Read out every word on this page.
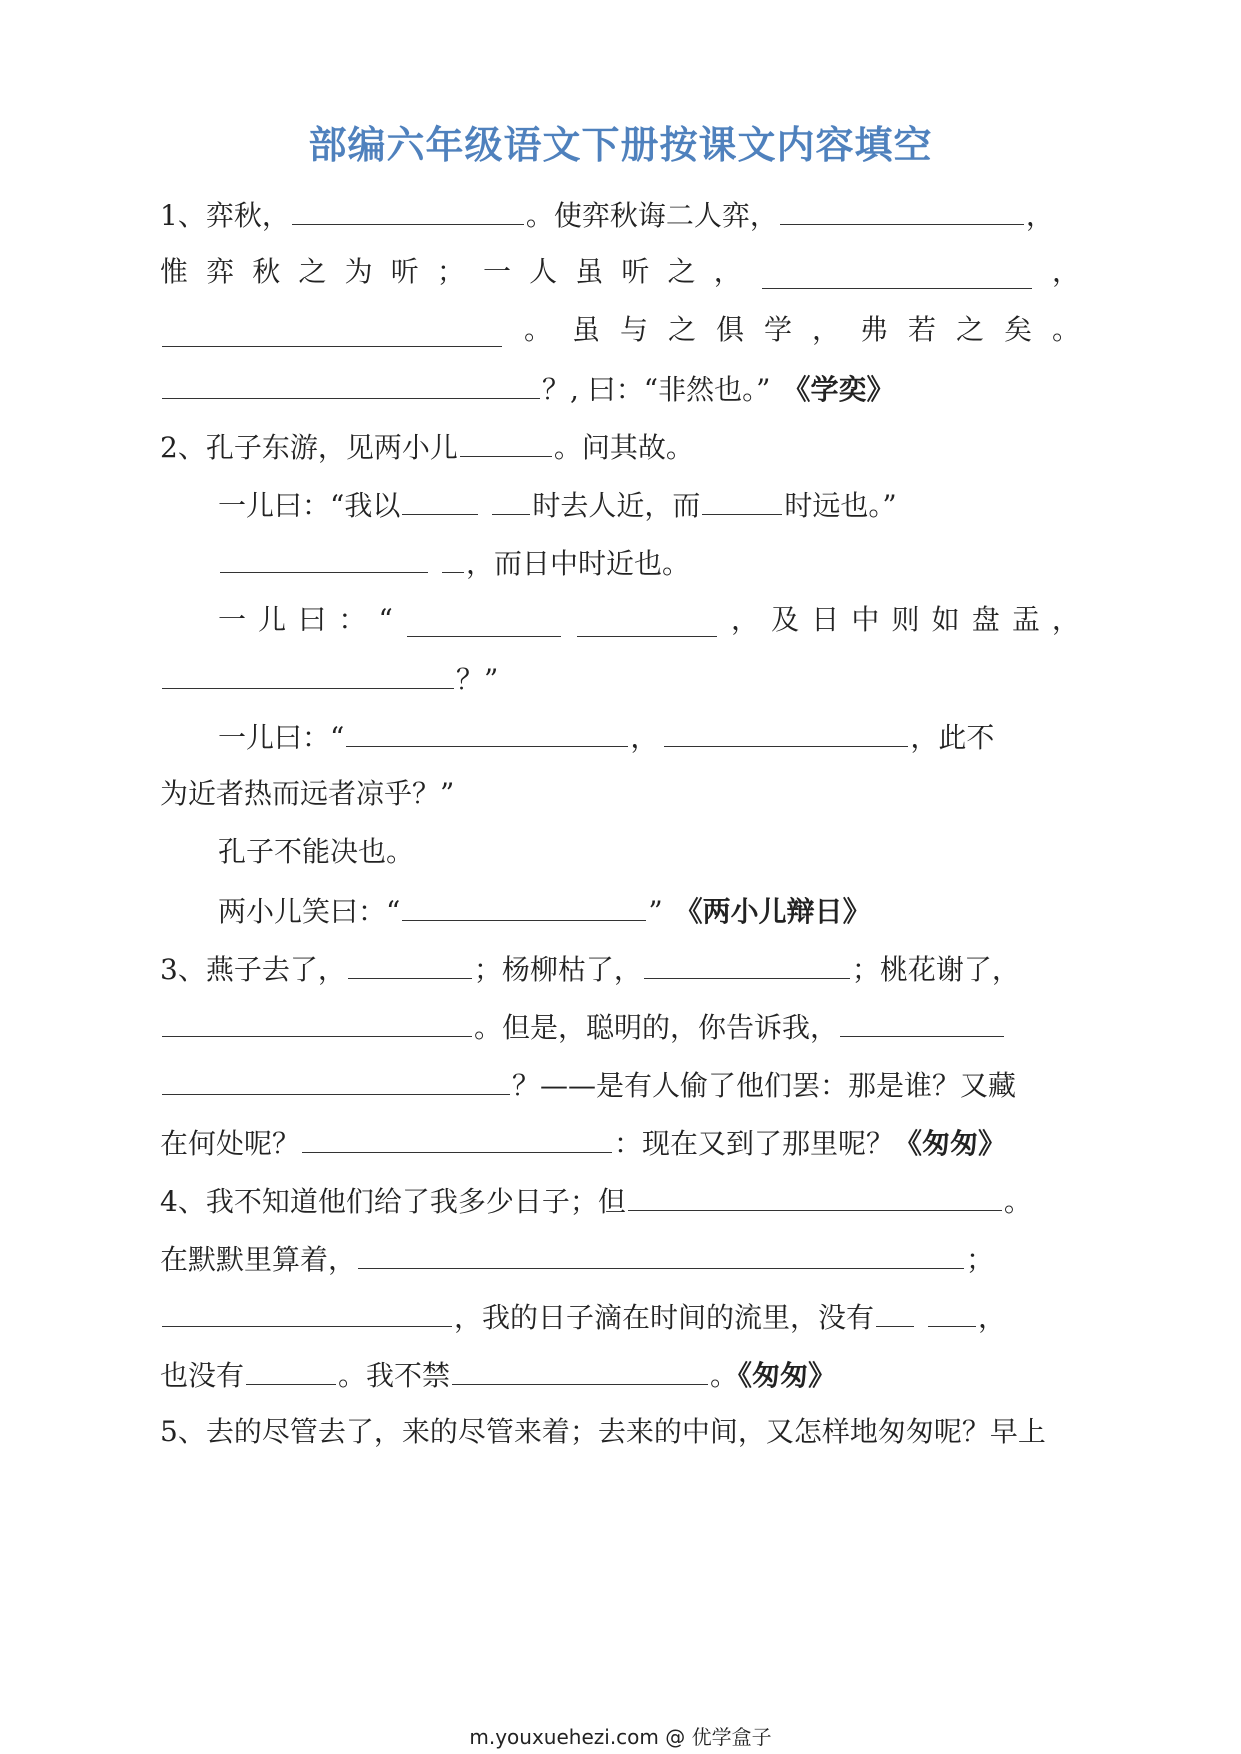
部编六年级语文下册按课文内容填空
1、弈秋，	。使弈秋诲二人弈，	，
惟 弈 秋 之 为 听 ； 一 人 虽 听 之 ，	，
。 虽 与 之 俱 学 ， 弗 若 之 矣 。
？, 曰：“非然也。” 《学奕》
2、孔子东游，见两小儿	。问其故。
一儿曰：“我以	时去人近，而	时远也。”
，而日中时近也。
一 儿 曰 ： “	， 及 日 中 则 如 盘 盂 ，
？”
一儿曰：“	，	，此不
为近者热而远者凉乎？”
孔子不能决也。
两小儿笑曰：“	” 《两小儿辩日》
3、燕子去了，	；杨柳枯了，	；桃花谢了，
。但是，聪明的，你告诉我，
？——是有人偷了他们罢：那是谁？又藏
在何处呢？	：现在又到了那里呢？《匆匆》
4、我不知道他们给了我多少日子；但	。
在默默里算着，	；
，我的日子滴在时间的流里，没有	，
也没有	。我不禁	。《匆匆》
5、去的尽管去了，来的尽管来着；去来的中间，又怎样地匆匆呢？早上
m.youxuehezi.com @ 优学盒子
